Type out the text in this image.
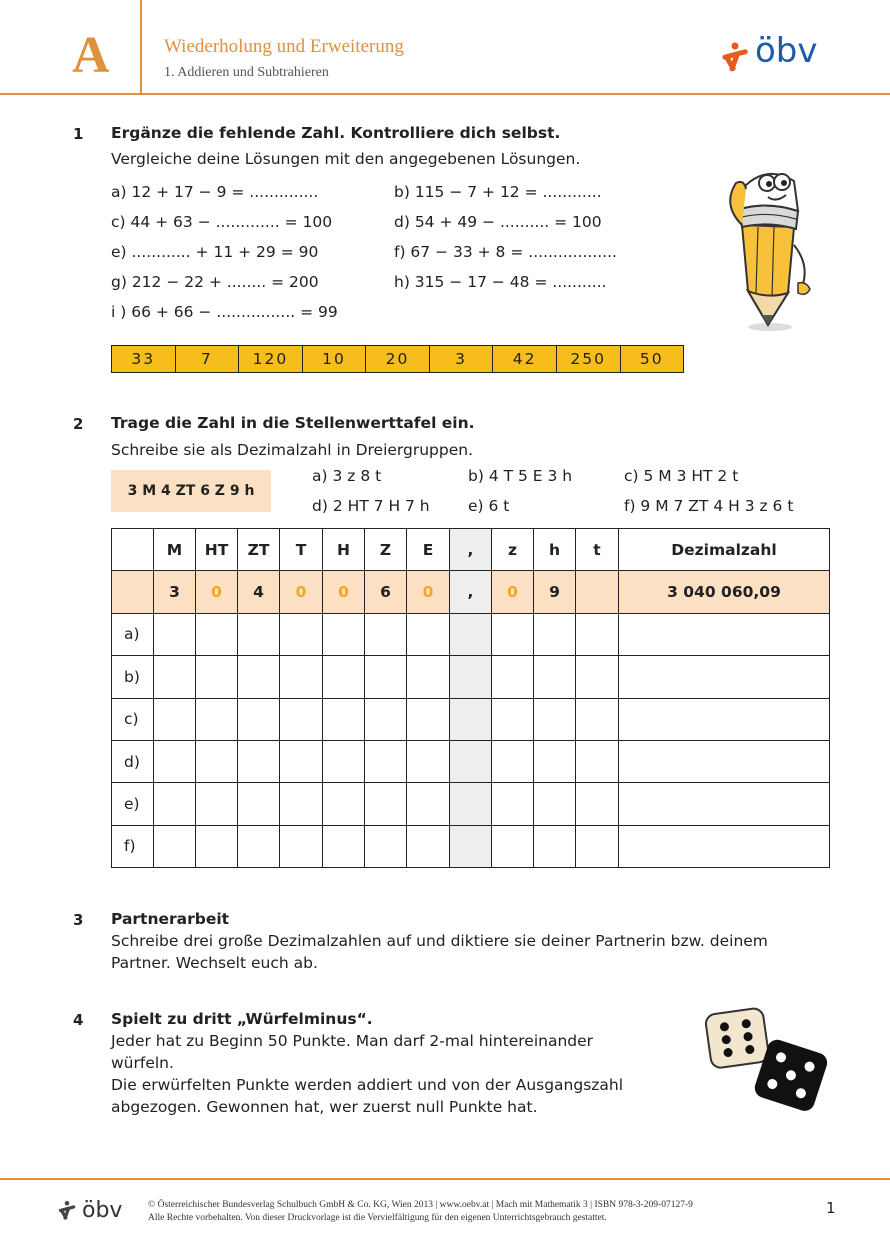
A	Wiederholung und Erweiterung
1. Addieren und Subtrahieren
öbv
1 Ergänze die fehlende Zahl. Kontrolliere dich selbst.
Vergleiche deine Lösungen mit den angegebenen Lösungen.
a) 12 + 17 − 9 = ..............	b) 115 − 7 + 12 = ............
c) 44 + 63 − ............. = 100	d) 54 + 49 − .......... = 100
e) ............ + 11 + 29 = 90	f) 67 − 33 + 8 = ..................
g) 212 − 22 + ........ = 200	h) 315 − 17 − 48 = ...........
i ) 66 + 66 − ................ = 99
33	7	120	10	20	3	42	250	50
2 Trage die Zahl in die Stellenwerttafel ein.
Schreibe sie als Dezimalzahl in Dreiergruppen.
3 M 4 ZT 6 Z 9 h
a) 3 z 8 t	b) 4 T 5 E 3 h	c) 5 M 3 HT 2 t
d) 2 HT 7 H 7 h e) 6 t	f) 9 M 7 ZT 4 H 3 z 6 t
	M	HT	ZT	T	H	Z	E	,	z	h	t	Dezimalzahl
	3	0	4	0	0	6	0	,	0	9		3 040 060,09
a)												
b)												
c)												
d)												
e)												
f)												
3 Partnerarbeit
Schreibe drei große Dezimalzahlen auf und diktiere sie deiner Partnerin bzw. deinem
Partner. Wechselt euch ab.
4 Spielt zu dritt „Würfelminus“.
Jeder hat zu Beginn 50 Punkte. Man darf 2-mal hintereinander
würfeln.
Die erwürfelten Punkte werden addiert und von der Ausgangszahl
abgezogen. Gewonnen hat, wer zuerst null Punkte hat.
öbv	© Österreichischer Bundesverlag Schulbuch GmbH & Co. KG, Wien 2013 | www.oebv.at | Mach mit Mathematik 3 | ISBN 978-3-209-07127-9
Alle Rechte vorbehalten. Von dieser Druckvorlage ist die Vervielfältigung für den eigenen Unterrichtsgebrauch gestattet.
1
